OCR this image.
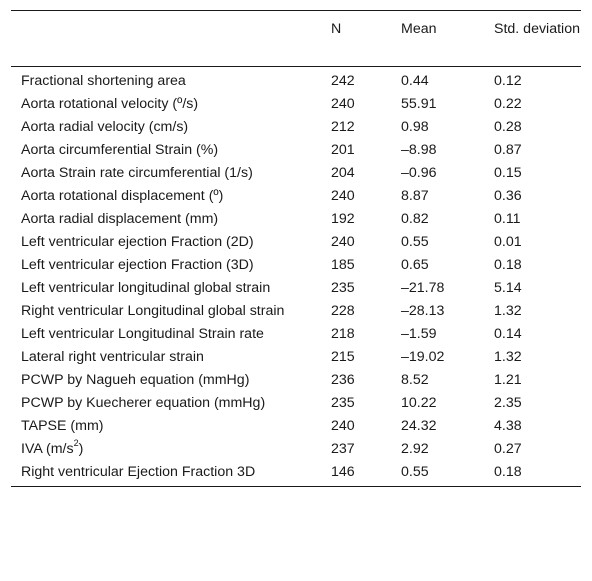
	N	Mean	Std. deviation
Fractional shortening area	242	0.44	0.12
Aorta rotational velocity (º/s)	240	55.91	0.22
Aorta radial velocity (cm/s)	212	0.98	0.28
Aorta circumferential Strain (%)	201	–8.98	0.87
Aorta Strain rate circumferential (1/s)	204	–0.96	0.15
Aorta rotational displacement (º)	240	8.87	0.36
Aorta radial displacement (mm)	192	0.82	0.11
Left ventricular ejection Fraction (2D)	240	0.55	0.01
Left ventricular ejection Fraction (3D)	185	0.65	0.18
Left ventricular longitudinal global strain	235	–21.78	5.14
Right ventricular Longitudinal global strain	228	–28.13	1.32
Left ventricular Longitudinal Strain rate	218	–1.59	0.14
Lateral right ventricular strain	215	–19.02	1.32
PCWP by Nagueh equation (mmHg)	236	8.52	1.21
PCWP by Kuecherer equation (mmHg)	235	10.22	2.35
TAPSE (mm)	240	24.32	4.38
IVA $(m/s^2)$	237	2.92	0.27
Right ventricular Ejection Fraction 3D	146	0.55	0.18
